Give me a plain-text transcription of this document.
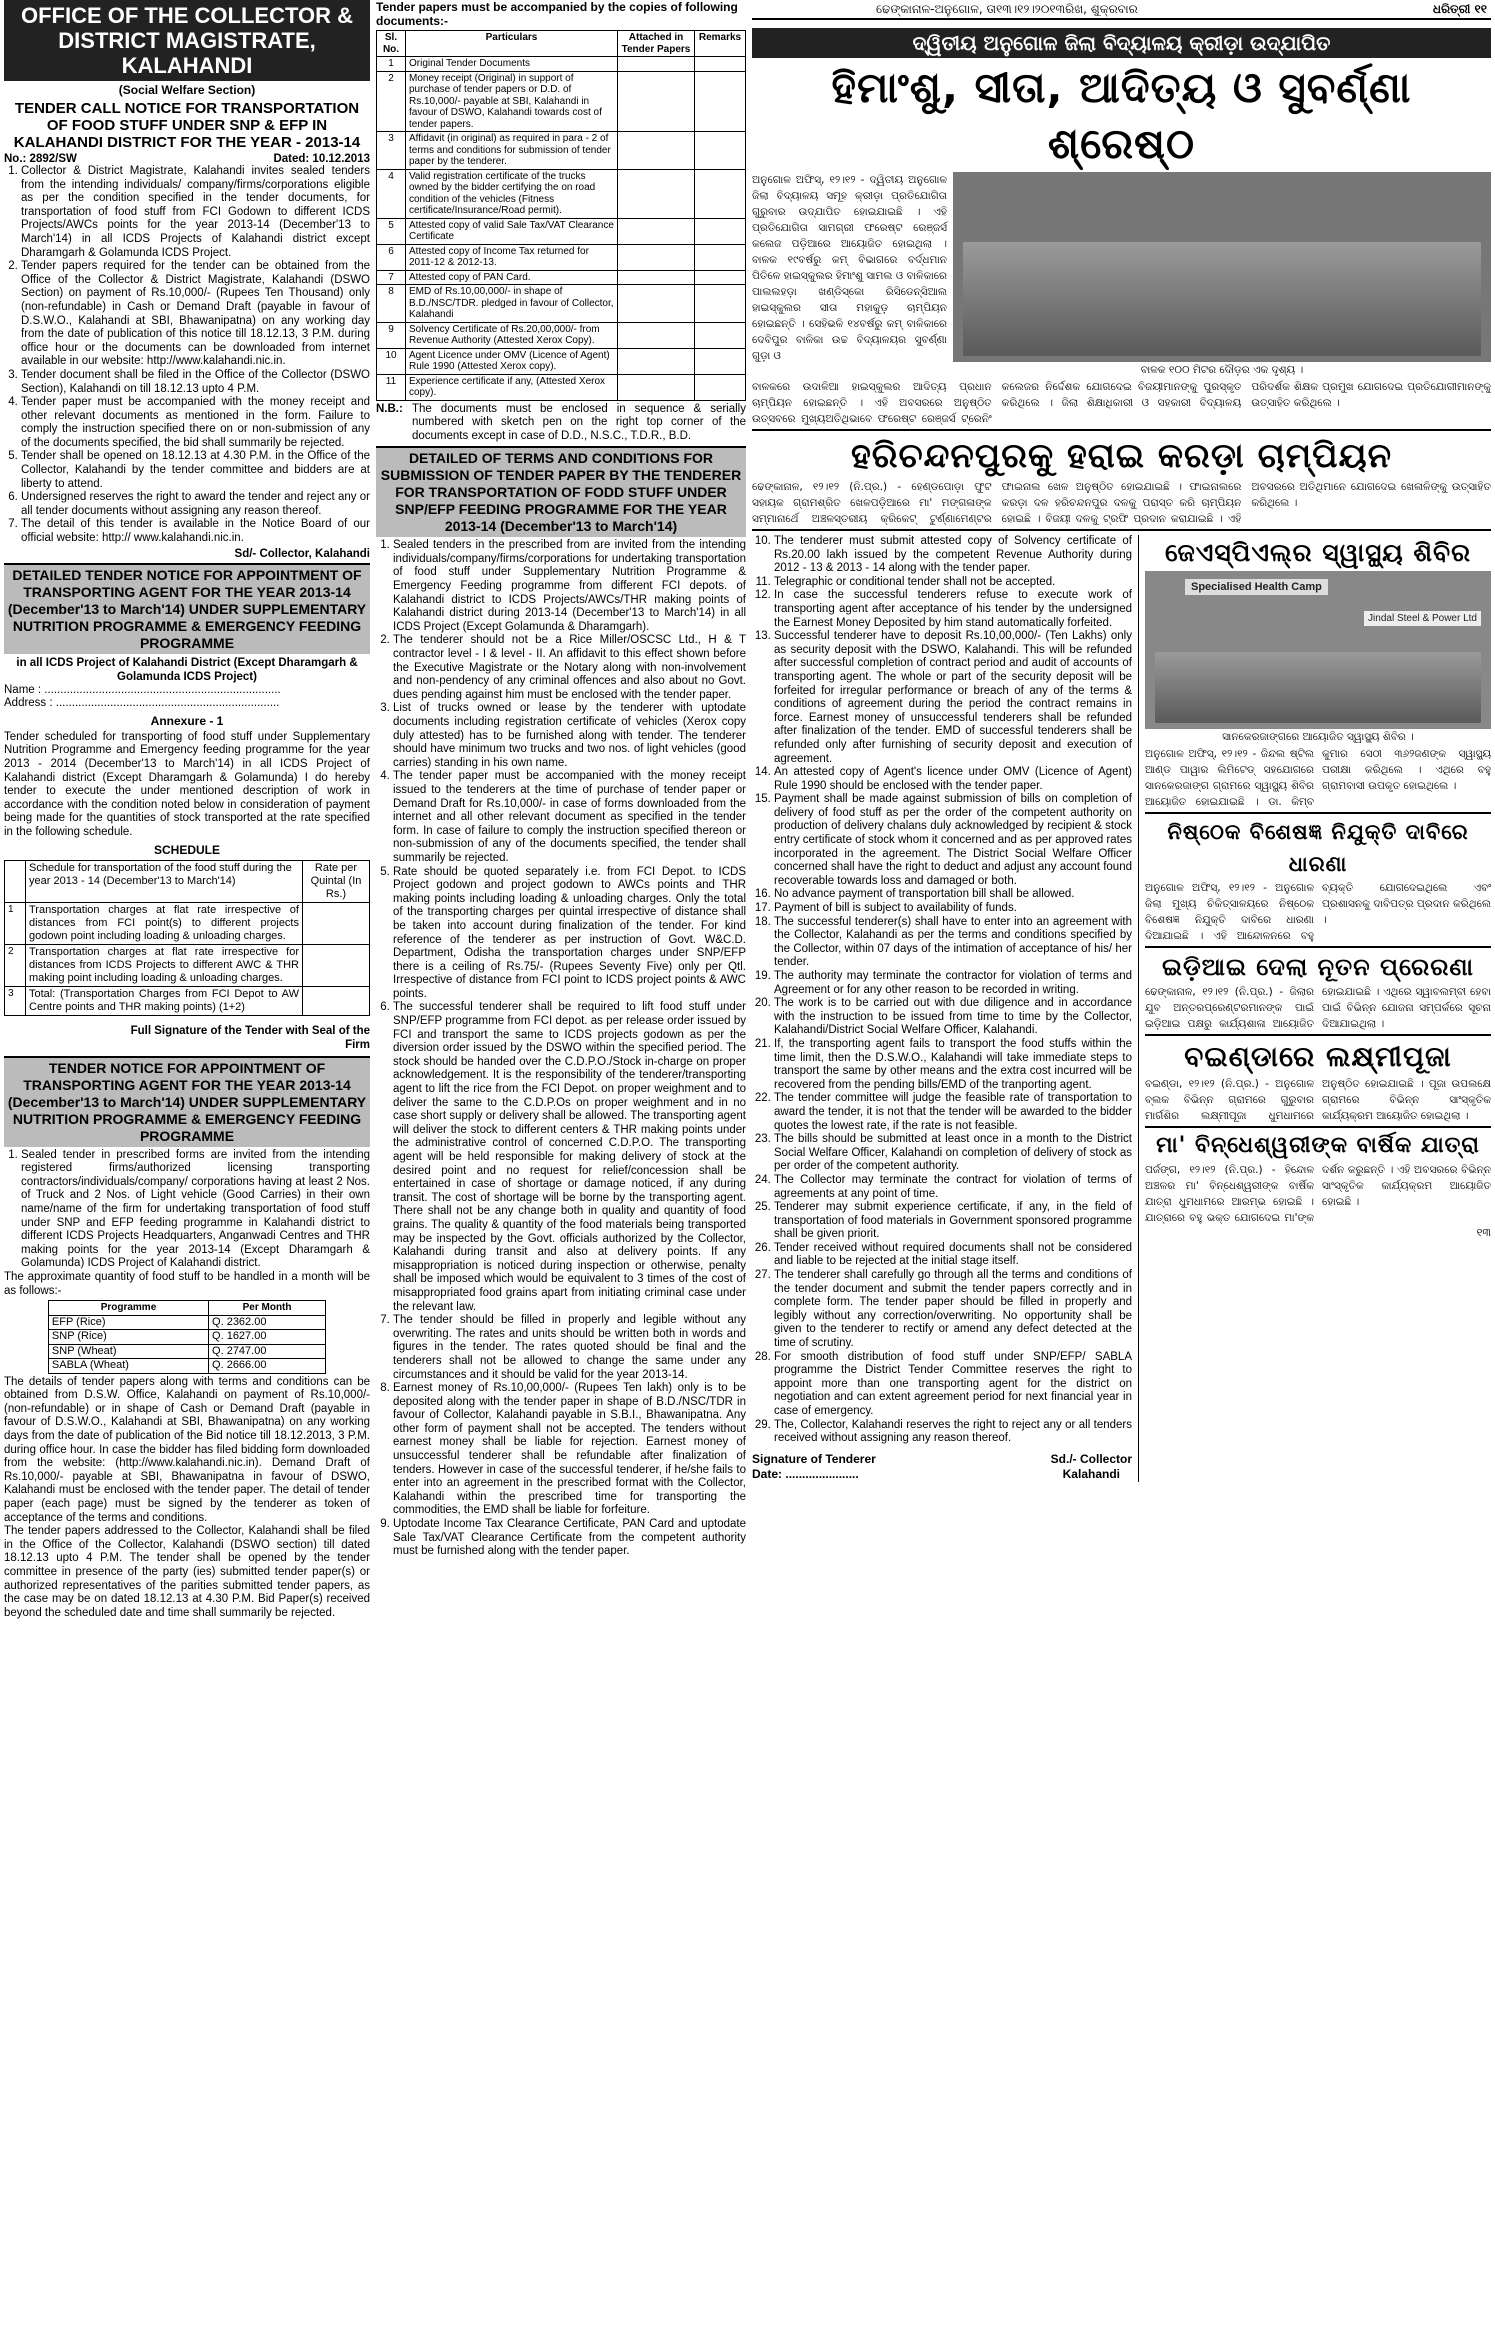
OFFICE OF THE COLLECTOR & DISTRICT MAGISTRATE, KALAHANDI
(Social Welfare Section)
TENDER CALL NOTICE FOR TRANSPORTATION OF FOOD STUFF UNDER SNP & EFP IN KALAHANDI DISTRICT FOR THE YEAR - 2013-14
No.: 2892/SW	Dated: 10.12.2013
1. Collector & District Magistrate, Kalahandi invites sealed tenders from the intending individuals/ company/firms/corporations eligible as per the condition specified in the tender documents, for transportation of food stuff from FCI Godown to different ICDS Projects/AWCs points for the year 2013-14 (December'13 to March'14) in all ICDS Projects of Kalahandi district except Dharamgarh & Golamunda ICDS Project.
2. Tender papers required for the tender can be obtained from the Office of the Collector & District Magistrate, Kalahandi (DSWO Section) on payment of Rs.10,000/- (Rupees Ten Thousand) only (non-refundable) in Cash or Demand Draft (payable in favour of D.S.W.O., Kalahandi at SBI, Bhawanipatna) on any working day from the date of publication of this notice till 18.12.13, 3 P.M. during office hour or the documents can be downloaded from internet available in our website: http://www.kalahandi.nic.in.
3. Tender document shall be filed in the Office of the Collector (DSWO Section), Kalahandi on till 18.12.13 upto 4 P.M.
4. Tender paper must be accompanied with the money receipt and other relevant documents as mentioned in the form. Failure to comply the instruction specified there on or non-submission of any of the documents specified, the bid shall summarily be rejected.
5. Tender shall be opened on 18.12.13 at 4.30 P.M. in the Office of the Collector, Kalahandi by the tender committee and bidders are at liberty to attend.
6. Undersigned reserves the right to award the tender and reject any or all tender documents without assigning any reason thereof.
7. The detail of this tender is available in the Notice Board of our official website: http:// www.kalahandi.nic.in.
Sd/- Collector, Kalahandi
DETAILED TENDER NOTICE FOR APPOINTMENT OF TRANSPORTING AGENT FOR THE YEAR 2013-14 (December'13 to March'14) UNDER SUPPLEMENTARY NUTRITION PROGRAMME & EMERGENCY FEEDING PROGRAMME
in all ICDS Project of Kalahandi District (Except Dharamgarh & Golamunda ICDS Project)
Name : ..........................................................................
Address : ......................................................................
Annexure - 1

Tender scheduled for transporting of food stuff under Supplementary Nutrition Programme and Emergency feeding programme for the year 2013 - 2014 (December'13 to March'14) in all ICDS Project of Kalahandi district (Except Dharamgarh & Golamunda) I do hereby tender to execute the under mentioned description of work in accordance with the condition noted below in consideration of payment being made for the quantities of stock transported at the rate specified in the following schedule.

SCHEDULE
	Schedule for transportation of the food stuff during the year 2013 - 14 (December'13 to March'14)	Rate per Quintal (In Rs.)
1	Transportation charges at flat rate irrespective of distances from FCI point(s) to different projects godown point including loading & unloading charges.	
2	Transportation charges at flat rate irrespective for distances from ICDS Projects to different AWC & THR making point including loading & unloading charges.	
3	Total: (Transportation Charges from FCI Depot to AW Centre points and THR making points) (1+2)	
Full Signature of the Tender with Seal of the Firm
TENDER NOTICE FOR APPOINTMENT OF TRANSPORTING AGENT FOR THE YEAR 2013-14 (December'13 to March'14) UNDER SUPPLEMENTARY NUTRITION PROGRAMME & EMERGENCY FEEDING PROGRAMME
1. Sealed tender in prescribed forms are invited from the intending registered firms/authorized licensing transporting contractors/individuals/company/ corporations having at least 2 Nos. of Truck and 2 Nos. of Light vehicle (Good Carries) in their own name/name of the firm for undertaking transportation of food stuff under SNP and EFP feeding programme in Kalahandi district to different ICDS Projects Headquarters, Anganwadi Centres and THR making points for the year 2013-14 (Except Dharamgarh & Golamunda) ICDS Project of Kalahandi district.

The approximate quantity of food stuff to be handled in a month will be as follows:-

Programme	Per Month
EFP (Rice)	Q. 2362.00
SNP (Rice)	Q. 1627.00
SNP (Wheat)	Q. 2747.00
SABLA (Wheat)	Q. 2666.00

The details of tender papers along with terms and conditions can be obtained from D.S.W. Office, Kalahandi on payment of Rs.10,000/- (non-refundable) or in shape of Cash or Demand Draft (payable in favour of D.S.W.O., Kalahandi at SBI, Bhawanipatna) on any working days from the date of publication of the Bid notice till 18.12.2013, 3 P.M. during office hour. In case the bidder has filed bidding form downloaded from the website: (http://www.kalahandi.nic.in). Demand Draft of Rs.10,000/- payable at SBI, Bhawanipatna in favour of DSWO, Kalahandi must be enclosed with the tender paper. The detail of tender paper (each page) must be signed by the tenderer as token of acceptance of the terms and conditions.

The tender papers addressed to the Collector, Kalahandi shall be filed in the Office of the Collector, Kalahandi (DSWO section) till dated 18.12.13 upto 4 P.M. The tender shall be opened by the tender committee in presence of the party (ies) submitted tender paper(s) or authorized representatives of the parities submitted tender papers, as the case may be on dated 18.12.13 at 4.30 P.M. Bid Paper(s) received beyond the scheduled date and time shall summarily be rejected.

Tender papers must be accompanied by the copies of following documents:-
Sl. No.	Particulars	Attached in Tender Papers	Remarks
1	Original Tender Documents		
2	Money receipt (Original) in support of purchase of tender papers or D.D. of Rs.10,000/- payable at SBI, Kalahandi in favour of DSWO, Kalahandi towards cost of tender papers.		
3	Affidavit (in original) as required in para - 2 of terms and conditions for submission of tender paper by the tenderer.		
4	Valid registration certificate of the trucks owned by the bidder certifying the on road condition of the vehicles (Fitness certificate/Insurance/Road permit).		
5	Attested copy of valid Sale Tax/VAT Clearance Certificate		
6	Attested copy of Income Tax returned for 2011-12 & 2012-13.		
7	Attested copy of PAN Card.		
8	EMD of Rs.10,00,000/- in shape of B.D./NSC/TDR. pledged in favour of Collector, Kalahandi		
9	Solvency Certificate of Rs.20,00,000/- from Revenue Authority (Attested Xerox Copy).		
10	Agent Licence under OMV (Licence of Agent) Rule 1990 (Attested Xerox copy).		
11	Experience certificate if any, (Attested Xerox copy).		
N.B.: The documents must be enclosed in sequence & serially numbered with sketch pen on the right top corner of the documents except in case of D.D., N.S.C., T.D.R., B.D.
DETAILED OF TERMS AND CONDITIONS FOR SUBMISSION OF TENDER PAPER BY THE TENDERER FOR TRANSPORTATION OF FODD STUFF UNDER SNP/EFP FEEDING PROGRAMME FOR THE YEAR 2013-14 (December'13 to March'14)
1. Sealed tenders in the prescribed from are invited from the intending individuals/company/firms/corporations for undertaking transportation of food stuff under Supplementary Nutrition Programme & Emergency Feeding programme from different FCI depots. of Kalahandi district to ICDS Projects/AWCs/THR making points of Kalahandi district during 2013-14 (December'13 to March'14) in all ICDS Project (Except Golamunda & Dharamgarh).
2. The tenderer should not be a Rice Miller/OSCSC Ltd., H & T contractor level - I & level - II. An affidavit to this effect shown before the Executive Magistrate or the Notary along with non-involvement and non-pendency of any criminal offences and also about no Govt. dues pending against him must be enclosed with the tender paper.
3. List of trucks owned or lease by the tenderer with uptodate documents including registration certificate of vehicles (Xerox copy duly attested) has to be furnished along with tender. The tenderer should have minimum two trucks and two nos. of light vehicles (good carries) standing in his own name.
4. The tender paper must be accompanied with the money receipt issued to the tenderers at the time of purchase of tender paper or Demand Draft for Rs.10,000/- in case of forms downloaded from the internet and all other relevant document as specified in the tender form. In case of failure to comply the instruction specified thereon or non-submission of any of the documents specified, the tender shall summarily be rejected.
5. Rate should be quoted separately i.e. from FCI Depot. to ICDS Project godown and project godown to AWCs points and THR making points including loading & unloading charges. Only the total of the transporting charges per quintal irrespective of distance shall be taken into account during finalization of the tender. For kind reference of the tenderer as per instruction of Govt. W&C.D. Department, Odisha the transportation charges under SNP/EFP there is a ceiling of Rs.75/- (Rupees Seventy Five) only per Qtl. Irrespective of distance from FCI point to ICDS project points & AWC points.
6. The successful tenderer shall be required to lift food stuff under SNP/EFP programme from FCI depot. as per release order issued by FCI and transport the same to ICDS projects godown as per the diversion order issued by the DSWO within the specified period. The stock should be handed over the C.D.P.O./Stock in-charge on proper acknowledgement. It is the responsibility of the tenderer/transporting agent to lift the rice from the FCI Depot. on proper weighment and to deliver the same to the C.D.P.Os on proper weighment and in no case short supply or delivery shall be allowed. The transporting agent will deliver the stock to different centers & THR making points under the administrative control of concerned C.D.P.O. The transporting agent will be held responsible for making delivery of stock at the desired point and no request for relief/concession shall be entertained in case of shortage or damage noticed, if any during transit. The cost of shortage will be borne by the transporting agent. There shall not be any change both in quality and quantity of food grains. The quality & quantity of the food materials being transported may be inspected by the Govt. officials authorized by the Collector, Kalahandi during transit and also at delivery points. If any misappropriation is noticed during inspection or otherwise, penalty shall be imposed which would be equivalent to 3 times of the cost of misappropriated food grains apart from initiating criminal case under the relevant law.
7. The tender should be filled in properly and legible without any overwriting. The rates and units should be written both in words and figures in the tender. The rates quoted should be final and the tenderers shall not be allowed to change the same under any circumstances and it should be valid for the year 2013-14.
8. Earnest money of Rs.10,00,000/- (Rupees Ten lakh) only is to be deposited along with the tender paper in shape of B.D./NSC/TDR in favour of Collector, Kalahandi payable in S.B.I., Bhawanipatna. Any other form of payment shall not be accepted. The tenders without earnest money shall be liable for rejection. Earnest money of unsuccessful tenderer shall be refundable after finalization of tenders. However in case of the successful tenderer, if he/she fails to enter into an agreement in the prescribed format with the Collector, Kalahandi within the prescribed time for transporting the commodities, the EMD shall be liable for forfeiture.
9. Uptodate Income Tax Clearance Certificate, PAN Card and uptodate Sale Tax/VAT Clearance Certificate from the competent authority must be furnished along with the tender paper.
ଢେଙ୍କାନାଳ-ଅନୁଗୋଳ, ତା୧୩।୧୨।୨୦୧୩ରିଖ, ଶୁକ୍ରବାର	ଧରିତ୍ରୀ ୧୧
ଦ୍ୱିତୀୟ ଅନୁଗୋଳ ଜିଲା ବିଦ୍ୟାଳୟ କ୍ରୀଡ଼ା ଉଦ୍‌ଯାପିତ
ହିମାଂଶୁ, ସୀତା, ଆଦିତ୍ୟ ଓ ସୁବର୍ଣ୍ଣା ଶ୍ରେଷ୍ଠ
ଅନୁଗୋଳ ଅଫିସ୍, ୧୨।୧୨ - ଦ୍ୱିତୀୟ ଅନୁଗୋଳ ଜିଲା ବିଦ୍ୟାଳୟ ସମୂହ କ୍ରୀଡ଼ା ପ୍ରତିଯୋଗିତା ଗୁରୁବାର ଉଦ୍‌ଯାପିତ ହୋଇଯାଇଛି । ଏହି ପ୍ରତିଯୋଗିତା ସାମଗ୍ରୀ ଫରେଷ୍ଟ ରେଞ୍ଜର୍ସ କଲେଜ ପଡ଼ିଆରେ ଆୟୋଜିତ ହୋଇଥିଲା । ବାଳକ ୧୯ବର୍ଷରୁ କମ୍ ବିଭାଗରେ ବର୍ଦ୍ଧମାନ ପିତିଳେ ହାଇସ୍କୁଲର ହିମାଂଶୁ ସାମଲ ଓ ବାଳିକାରେ ପାଲଲହଡ଼ା ଖଣ୍ଡିସ୍କୋ ରିସିଡେନ୍ସିଆଲ ହାଇସ୍କୁଲର ସୀତା ମହାକୁଡ଼ ଚାମ୍ପିୟନ ହୋଇଛନ୍ତି । ସେହିଭଳି ୧୪ବର୍ଷରୁ କମ୍ ବାଳିକାରେ ଦେବିପୁର ବାଳିକା ଉଚ୍ଚ ବିଦ୍ୟାଳୟର ସୁବର୍ଣ୍ଣା ଗୁଡ଼ା ଓ
ବାଳକ ୧୦୦ ମିଟର ଦୌଡ଼ର ଏକ ଦୃଶ୍ୟ ।
ବାଳକରେ ଉଦାଳିଆ ହାଇସ୍କୁଲର ଆଦିତ୍ୟ ପ୍ରଧାନ ଚାମ୍ପିୟନ ହୋଇଛନ୍ତି । ଏହି ଅବସରରେ ଅନୁଷ୍ଠିତ ଉତ୍ସବରେ ମୁଖ୍ୟଅତିଥିଭାବେ ଫରେଷ୍ଟ ରେଞ୍ଜର୍ସ ଟ୍ରେନିଂ କଲେଜର ନିର୍ଦ୍ଦେଶକ ଯୋଗଦେଇ ବିଜୟୀମାନଙ୍କୁ ପୁରସ୍କୃତ କରିଥିଲେ । ଜିଲା ଶିକ୍ଷାଧିକାରୀ ଓ ସହକାରୀ ବିଦ୍ୟାଳୟ ପରିଦର୍ଶକ ଶିକ୍ଷକ ପ୍ରମୁଖ ଯୋଗଦେଇ ପ୍ରତିଯୋଗୀମାନଙ୍କୁ ଉତ୍ସାହିତ କରିଥିଲେ ।
ହରିଚନ୍ଦନପୁରକୁ ହରାଇ କରଡ଼ା ଚାମ୍ପିୟନ
ଢେଙ୍କାନାଳ, ୧୨।୧୨ (ନି.ପ୍ର.) - ହେଣ୍ଡପୋଡ଼ା ଫୁଟ ସହାୟକ ଗ୍ରାମଶ୍ରିତ ଖେଳପଡ଼ିଆରେ ମା' ମଙ୍ଗଳାଙ୍କ ସମ୍ମାନାର୍ଥେ ଅଞ୍ଚଳସ୍ତରୀୟ କ୍ରିକେଟ୍ ଟୁର୍ଣ୍ଣାମେଣ୍ଟର ଫାଇନାଲ ଖେଳ ଅନୁଷ୍ଠିତ ହୋଇଯାଇଛି । ଫାଇନାଲରେ କରଡ଼ା ଦଳ ହରିଚନ୍ଦନପୁର ଦଳକୁ ପରାସ୍ତ କରି ଚାମ୍ପିୟନ ହୋଇଛି । ବିଜୟୀ ଦଳକୁ ଟ୍ରଫି ପ୍ରଦାନ କରାଯାଇଛି । ଏହି ଅବସରରେ ଅତିଥିମାନେ ଯୋଗଦେଇ ଖେଳାଳିଙ୍କୁ ଉତ୍ସାହିତ କରିଥିଲେ ।
10. The tenderer must submit attested copy of Solvency certificate of Rs.20.00 lakh issued by the competent Revenue Authority during 2012 - 13 & 2013 - 14 along with the tender paper.
11. Telegraphic or conditional tender shall not be accepted.
12. In case the successful tenderers refuse to execute work of transporting agent after acceptance of his tender by the undersigned the Earnest Money Deposited by him stand automatically forfeited.
13. Successful tenderer have to deposit Rs.10,00,000/- (Ten Lakhs) only as security deposit with the DSWO, Kalahandi. This will be refunded after successful completion of contract period and audit of accounts of transporting agent. The whole or part of the security deposit will be forfeited for irregular performance or breach of any of the terms & conditions of agreement during the period the contract remains in force. Earnest money of unsuccessful tenderers shall be refunded after finalization of the tender. EMD of successful tenderers shall be refunded only after furnishing of security deposit and execution of agreement.
14. An attested copy of Agent's licence under OMV (Licence of Agent) Rule 1990 should be enclosed with the tender paper.
15. Payment shall be made against submission of bills on completion of delivery of food stuff as per the order of the competent authority on production of delivery chalans duly acknowledged by recipient & stock entry certificate of stock whom it concerned and as per approved rates incorporated in the agreement. The District Social Welfare Officer concerned shall have the right to deduct and adjust any account found recoverable towards loss and damaged or both.
16. No advance payment of transportation bill shall be allowed.
17. Payment of bill is subject to availability of funds.
18. The successful tenderer(s) shall have to enter into an agreement with the Collector, Kalahandi as per the terms and conditions specified by the Collector, within 07 days of the intimation of acceptance of his/ her tender.
19. The authority may terminate the contractor for violation of terms and Agreement or for any other reason to be recorded in writing.
20. The work is to be carried out with due diligence and in accordance with the instruction to be issued from time to time by the Collector, Kalahandi/District Social Welfare Officer, Kalahandi.
21. If, the transporting agent fails to transport the food stuffs within the time limit, then the D.S.W.O., Kalahandi will take immediate steps to transport the same by other means and the extra cost incurred will be recovered from the pending bills/EMD of the tranporting agent.
22. The tender committee will judge the feasible rate of transportation to award the tender, it is not that the tender will be awarded to the bidder quotes the lowest rate, if the rate is not feasible.
23. The bills should be submitted at least once in a month to the District Social Welfare Officer, Kalahandi on completion of delivery of stock as per order of the competent authority.
24. The Collector may terminate the contract for violation of terms of agreements at any point of time.
25. Tenderer may submit experience certificate, if any, in the field of transportation of food materials in Government sponsored programme shall be given priorit.
26. Tender received without required documents shall not be considered and liable to be rejected at the initial stage itself.
27. The tenderer shall carefully go through all the terms and conditions of the tender document and submit the tender papers correctly and in complete form. The tender paper should be filled in properly and legibly without any correction/overwriting. No opportunity shall be given to the tenderer to rectify or amend any defect detected at the time of scrutiny.
28. For smooth distribution of food stuff under SNP/EFP/ SABLA programme the District Tender Committee reserves the right to appoint more than one transporting agent for the district on negotiation and can extent agreement period for next financial year in case of emergency.
29. The, Collector, Kalahandi reserves the right to reject any or all tenders received without assigning any reason thereof.
Signature of Tenderer
Date: ......................
Sd./- Collector
Kalahandi
ଜେଏସ୍‌ପିଏଲ୍‌ର ସ୍ୱାସ୍ଥ୍ୟ ଶିବିର
Specialised Health Camp
Jindal Steel & Power Ltd
ସାନକେରଜାଙ୍ଗରେ ଆୟୋଜିତ ସ୍ୱାସ୍ଥ୍ୟ ଶିବିର ।
ଅନୁଗୋଳ ଅଫିସ୍, ୧୨।୧୨ - ଜିନ୍ଦଲ ଷ୍ଟିଲ ଆଣ୍ଡ ପାୱାର ଲିମିଟେଡ୍ ସହଯୋଗରେ ସାନକେରଜାଙ୍ଗ ଗ୍ରାମରେ ସ୍ୱାସ୍ଥ୍ୟ ଶିବିର ଆୟୋଜିତ ହୋଇଯାଇଛି । ଡା. କିମ୍ବ କୁମାର ସେଠୀ ୩୬୨ଜଣଙ୍କ ସ୍ୱାସ୍ଥ୍ୟ ପରୀକ୍ଷା କରିଥିଲେ । ଏଥିରେ ବହୁ ଗ୍ରାମବାସୀ ଉପକୃତ ହୋଇଥିଲେ ।
ନିଷ୍ଠେକ ବିଶେଷଜ୍ଞ ନିଯୁକ୍ତି ଦାବିରେ ଧାରଣା
ଅନୁଗୋଳ ଅଫିସ୍, ୧୨।୧୨ - ଅନୁଗୋଳ ଜିଲା ମୁଖ୍ୟ ଚିକିତ୍ସାଳୟରେ ନିଷ୍ଠେକ ବିଶେଷଜ୍ଞ ନିଯୁକ୍ତି ଦାବିରେ ଧାରଣା ଦିଆଯାଇଛି । ଏହି ଆନ୍ଦୋଳନରେ ବହୁ ବ୍ୟକ୍ତି ଯୋଗଦେଇଥିଲେ ଏବଂ ପ୍ରଶାସନକୁ ଦାବିପତ୍ର ପ୍ରଦାନ କରିଥିଲେ ।
ଇଡ଼ିଆଇ ଦେଲା ନୂତନ ପ୍ରେରଣା
ଢେଙ୍କାନାଳ, ୧୨।୧୨ (ନି.ପ୍ର.) - ଜିଲାର ଯୁବ ଅନ୍ତରପ୍ରେଣ୍ଟରମାନଙ୍କ ପାଇଁ ଇଡ଼ିଆଇ ପକ୍ଷରୁ କାର୍ଯ୍ୟଶାଳା ଆୟୋଜିତ ହୋଇଯାଇଛି । ଏଥିରେ ସ୍ୱାବଲମ୍ବୀ ହେବା ପାଇଁ ବିଭିନ୍ନ ଯୋଜନା ସମ୍ପର୍କରେ ସୂଚନା ଦିଆଯାଇଥିଲା ।
ବଇଣ୍ଡାରେ ଲକ୍ଷ୍ମୀପୂଜା
ବଇଣ୍ଡା, ୧୨।୧୨ (ନି.ପ୍ର.) - ଅନୁଗୋଳ ବ୍ଲକ ବିଭିନ୍ନ ଗ୍ରାମରେ ଗୁରୁବାର ମାର୍ଗଶିର ଲକ୍ଷ୍ମୀପୂଜା ଧୁମଧାମରେ ଅନୁଷ୍ଠିତ ହୋଇଯାଇଛି । ପୂଜା ଉପଲକ୍ଷେ ଗ୍ରାମରେ ବିଭିନ୍ନ ସାଂସ୍କୃତିକ କାର୍ଯ୍ୟକ୍ରମ ଆୟୋଜିତ ହୋଇଥିଲା ।
ମା' ବିନ୍ଧେଶ୍ୱରୀଙ୍କ ବାର୍ଷିକ ଯାତ୍ରା
ପର୍ଜଙ୍ଗ, ୧୨।୧୨ (ନି.ପ୍ର.) - ହିନ୍ଦୋଳ ଅଞ୍ଚଳର ମା' ବିନ୍ଧେଶ୍ୱରୀଙ୍କ ବାର୍ଷିକ ଯାତ୍ରା ଧୁମଧାମରେ ଆରମ୍ଭ ହୋଇଛି । ଯାତ୍ରାରେ ବହୁ ଭକ୍ତ ଯୋଗଦେଇ ମା'ଙ୍କ ଦର୍ଶନ କରୁଛନ୍ତି । ଏହି ଅବସରରେ ବିଭିନ୍ନ ସାଂସ୍କୃତିକ କାର୍ଯ୍ୟକ୍ରମ ଆୟୋଜିତ ହୋଇଛି ।
୧୩
